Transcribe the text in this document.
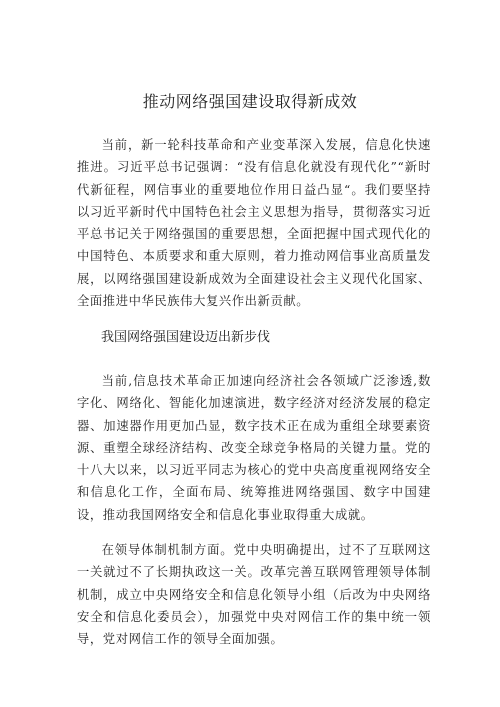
推动网络强国建设取得新成效

当前，新一轮科技革命和产业变革深入发展，信息化快速推进。习近平总书记强调：“没有信息化就没有现代化”“新时代新征程，网信事业的重要地位作用日益凸显“。我们要坚持以习近平新时代中国特色社会主义思想为指导，贯彻落实习近平总书记关于网络强国的重要思想，全面把握中国式现代化的中国特色、本质要求和重大原则，着力推动网信事业高质量发展，以网络强国建设新成效为全面建设社会主义现代化国家、全面推进中华民族伟大复兴作出新贡献。

我国网络强国建设迈出新步伐

当前,信息技术革命正加速向经济社会各领域广泛渗透,数字化、网络化、智能化加速演进，数字经济对经济发展的稳定器、加速器作用更加凸显，数字技术正在成为重组全球要素资源、重塑全球经济结构、改变全球竞争格局的关键力量。党的十八大以来，以习近平同志为核心的党中央高度重视网络安全和信息化工作，全面布局、统筹推进网络强国、数字中国建设，推动我国网络安全和信息化事业取得重大成就。

在领导体制机制方面。党中央明确提出，过不了互联网这一关就过不了长期执政这一关。改革完善互联网管理领导体制机制，成立中央网络安全和信息化领导小组（后改为中央网络安全和信息化委员会），加强党中央对网信工作的集中统一领导，党对网信工作的领导全面加强。
